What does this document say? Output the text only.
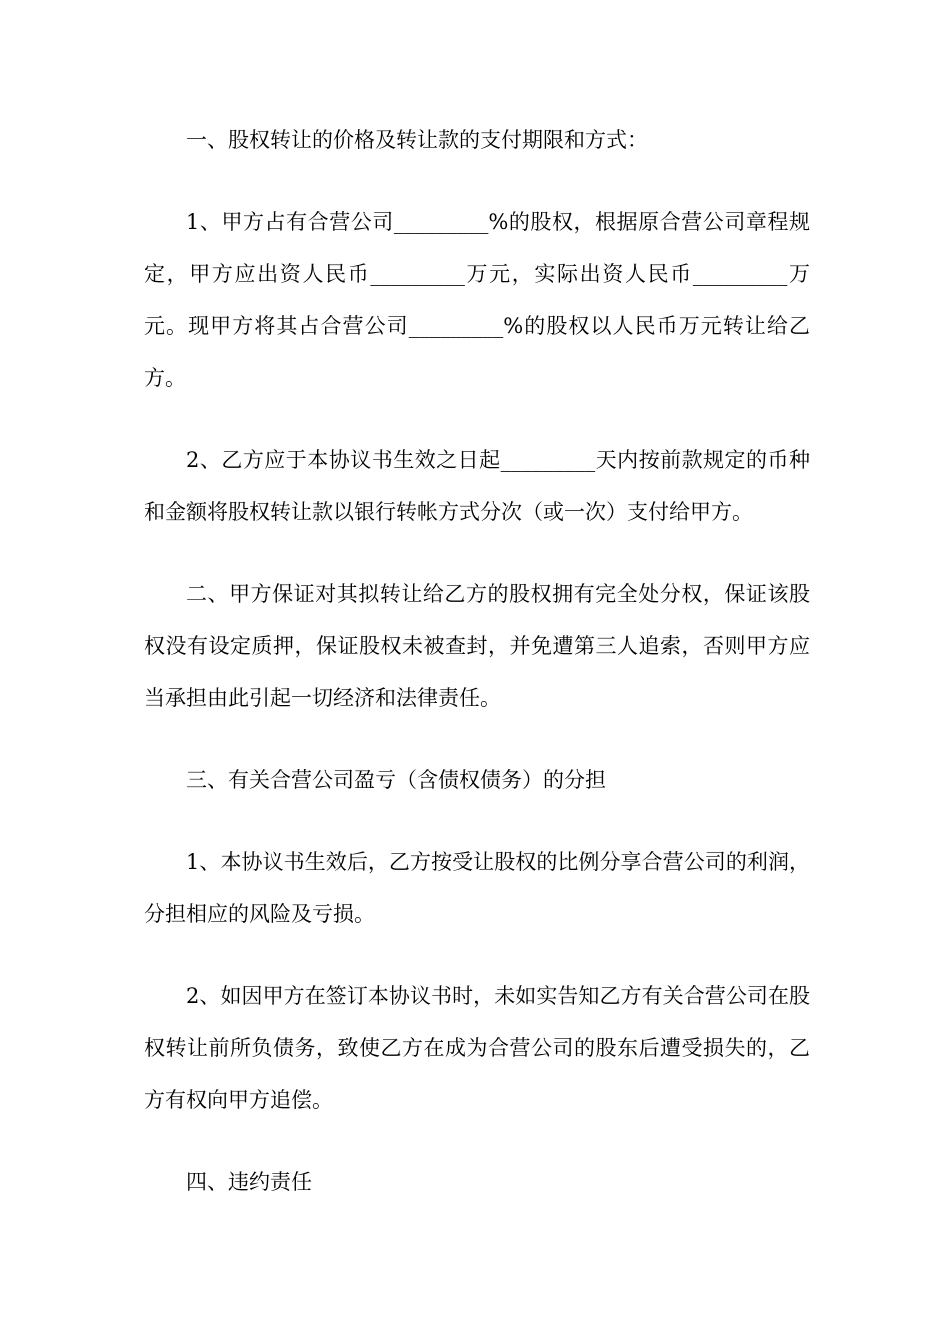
一、股权转让的价格及转让款的支付期限和方式：

1、甲方占有合营公司_________%的股权，根据原合营公司章程规定，甲方应出资人民币_________万元，实际出资人民币_________万元。现甲方将其占合营公司_________%的股权以人民币万元转让给乙方。

2、乙方应于本协议书生效之日起_________天内按前款规定的币种和金额将股权转让款以银行转帐方式分次（或一次）支付给甲方。

二、甲方保证对其拟转让给乙方的股权拥有完全处分权，保证该股权没有设定质押，保证股权未被查封，并免遭第三人追索，否则甲方应当承担由此引起一切经济和法律责任。

三、有关合营公司盈亏（含债权债务）的分担

1、本协议书生效后，乙方按受让股权的比例分享合营公司的利润，分担相应的风险及亏损。

2、如因甲方在签订本协议书时，未如实告知乙方有关合营公司在股权转让前所负债务，致使乙方在成为合营公司的股东后遭受损失的，乙方有权向甲方追偿。

四、违约责任
